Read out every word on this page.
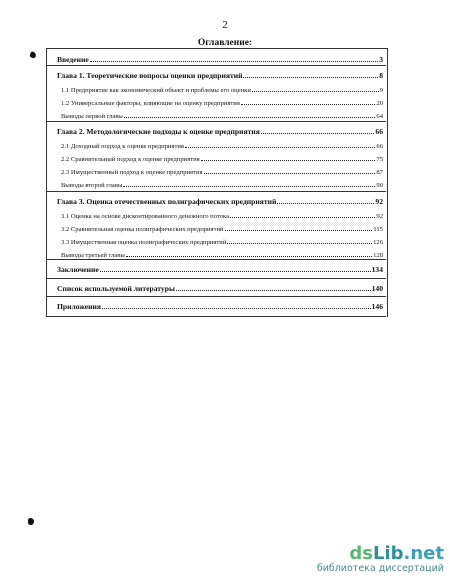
2
Оглавление:
Введение	3
Глава 1. Теоретические вопросы оценки предприятий	8
1.1 Предприятие как экономический объект и проблемы его оценки	9
1.2 Универсальные факторы, влияющие на оценку предприятия	20
Выводы первой главы	64
Глава 2. Методологические подходы к оценке предприятия	66
2.1 Доходный подход к оценке предприятия	66
2.2 Сравнительный подход к оценке предприятия	75
2.3 Имущественный подход к оценке предприятия	87
Выводы второй главы	90
Глава 3. Оценка отечественных полиграфических предприятий	92
3.1 Оценка на основе дисконтированного денежного потока	92
3.2 Сравнительная оценка полиграфических предприятий	115
3.3 Имущественная оценка полиграфических предприятий	126
Выводы третьей главы	128
Заключение	134
Список используемой литературы	140
Приложения	146
dsLib.net
библиотека диссертаций
